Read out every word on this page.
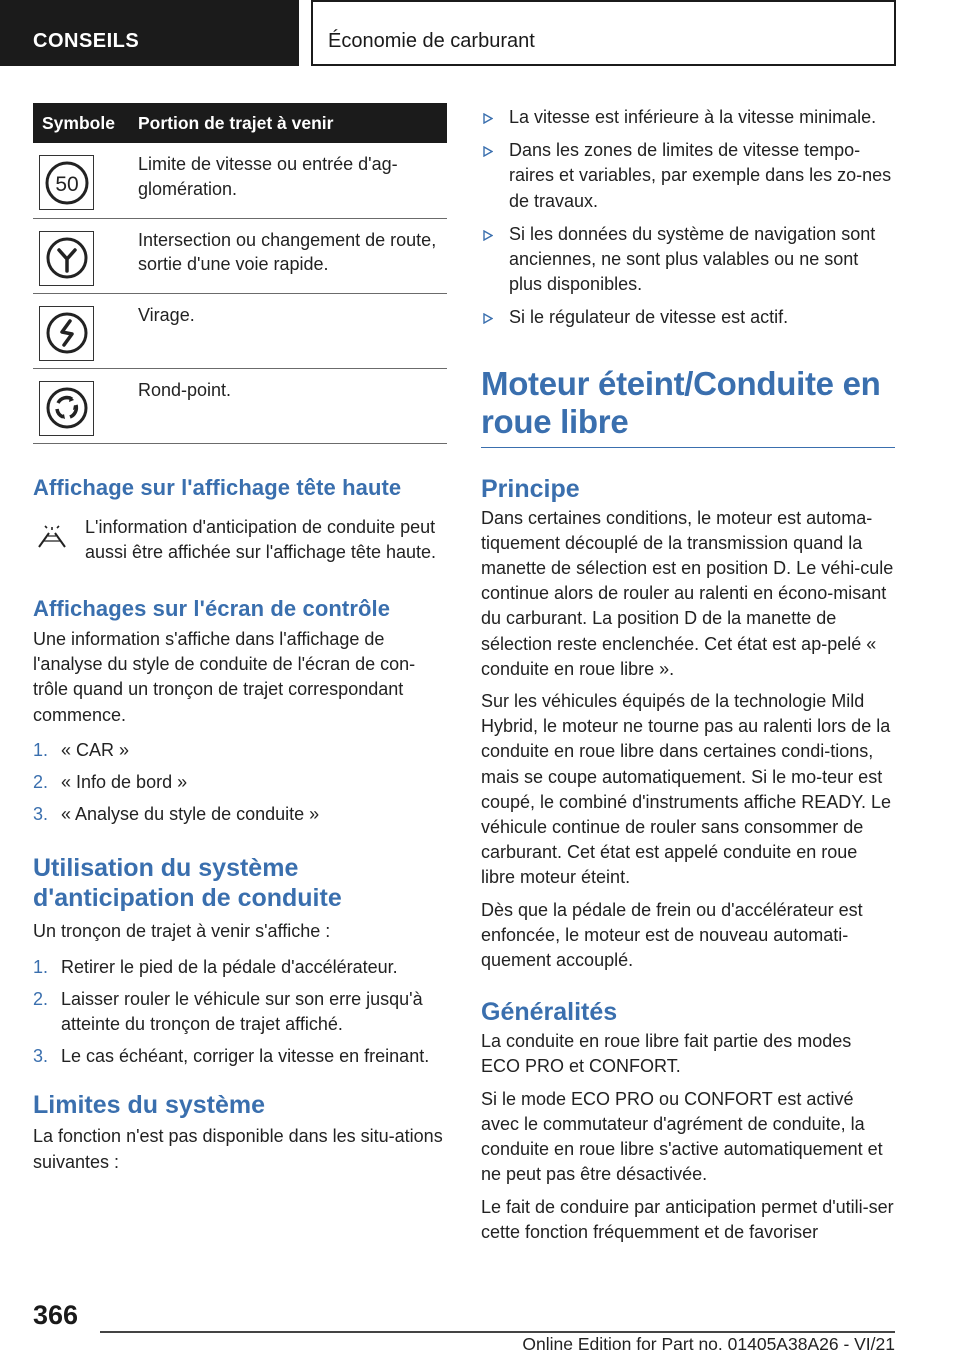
CONSEILS	Économie de carburant
Symbole	Portion de trajet à venir

50	Limite de vitesse ou entrée d'ag-glomération.

	Intersection ou changement de route, sortie d'une voie rapide.

	Virage.

	Rond-point.
Affichage sur l'affichage tête haute

L'information d'anticipation de conduite peut aussi être affichée sur l'affichage tête haute.

Affichages sur l'écran de contrôle

Une information s'affiche dans l'affichage de l'analyse du style de conduite de l'écran de con-trôle quand un tronçon de trajet correspondant commence.

1. « CAR »
2. « Info de bord »
3. « Analyse du style de conduite »
Utilisation du système d'anticipation de conduite

Un tronçon de trajet à venir s'affiche :

1. Retirer le pied de la pédale d'accélérateur.
2. Laisser rouler le véhicule sur son erre jusqu'à atteinte du tronçon de trajet affiché.
3. Le cas échéant, corriger la vitesse en freinant.
Limites du système

La fonction n'est pas disponible dans les situ-ations suivantes :

La vitesse est inférieure à la vitesse minimale.
Dans les zones de limites de vitesse tempo-raires et variables, par exemple dans les zo-nes de travaux.
Si les données du système de navigation sont anciennes, ne sont plus valables ou ne sont plus disponibles.
Si le régulateur de vitesse est actif.
Moteur éteint/Conduite en roue libre
Principe

Dans certaines conditions, le moteur est automa-tiquement découplé de la transmission quand la manette de sélection est en position D. Le véhi-cule continue alors de rouler au ralenti en écono-misant du carburant. La position D de la manette de sélection reste enclenchée. Cet état est ap-pelé « conduite en roue libre ».

Sur les véhicules équipés de la technologie Mild Hybrid, le moteur ne tourne pas au ralenti lors de la conduite en roue libre dans certaines condi-tions, mais se coupe automatiquement. Si le mo-teur est coupé, le combiné d'instruments affiche READY. Le véhicule continue de rouler sans consommer de carburant. Cet état est appelé conduite en roue libre moteur éteint.

Dès que la pédale de frein ou d'accélérateur est enfoncée, le moteur est de nouveau automati-quement accouplé.

Généralités

La conduite en roue libre fait partie des modes ECO PRO et CONFORT.

Si le mode ECO PRO ou CONFORT est activé avec le commutateur d'agrément de conduite, la conduite en roue libre s'active automatiquement et ne peut pas être désactivée.

Le fait de conduire par anticipation permet d'utili-ser cette fonction fréquemment et de favoriser

366
Online Edition for Part no. 01405A38A26 - VI/21
